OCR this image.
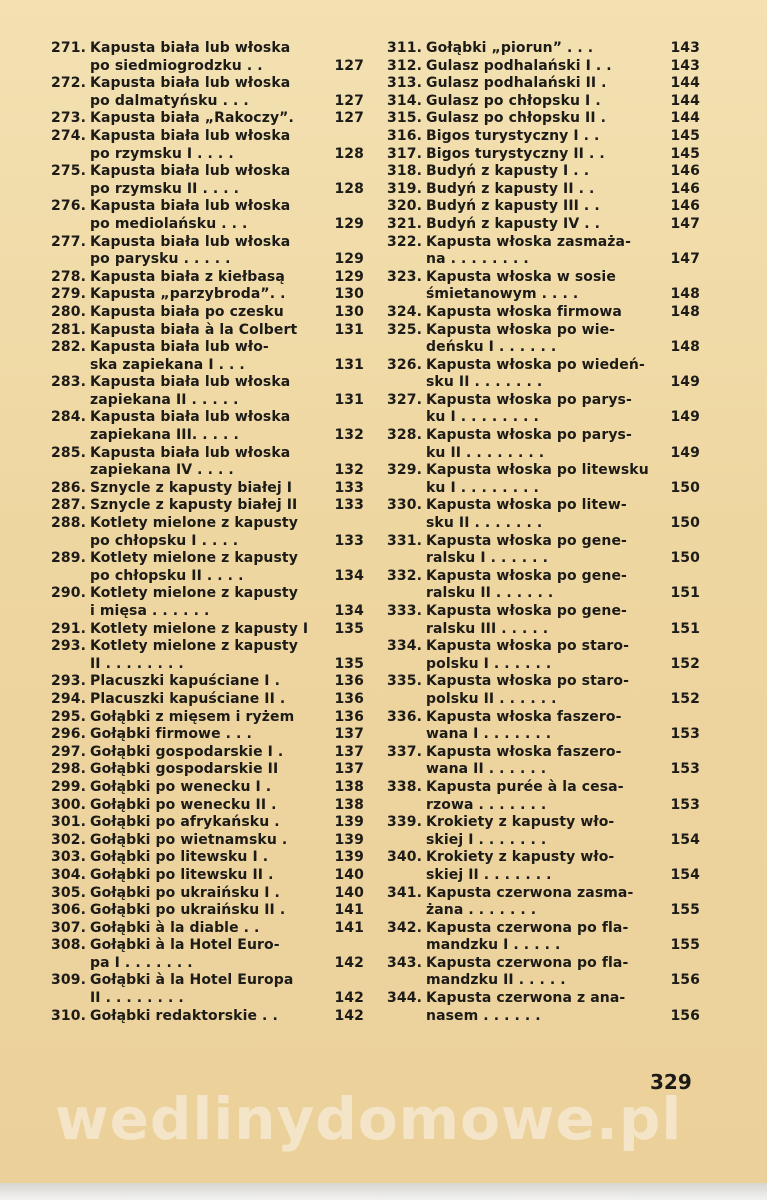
271. Kapusta biała lub włoska
po siedmiogrodzku . .	127
272. Kapusta biała lub włoska
po dalmatyńsku . . .	127
273. Kapusta biała „Rakoczy”.	127
274. Kapusta biała lub włoska
po rzymsku I . . . .	128
275. Kapusta biała lub włoska
po rzymsku II . . . .	128
276. Kapusta biała lub włoska
po mediolańsku . . .	129
277. Kapusta biała lub włoska
po parysku . . . . .	129
278. Kapusta biała z kiełbasą	129
279. Kapusta „parzybroda”. .	130
280. Kapusta biała po czesku	130
281. Kapusta biała à la Colbert	131
282. Kapusta biała lub wło-
ska zapiekana I . . .	131
283. Kapusta biała lub włoska
zapiekana II . . . . .	131
284. Kapusta biała lub włoska
zapiekana III. . . . .	132
285. Kapusta biała lub włoska
zapiekana IV . . . .	132
286. Sznycle z kapusty białej I	133
287. Sznycle z kapusty białej II	133
288. Kotlety mielone z kapusty
po chłopsku I . . . .	133
289. Kotlety mielone z kapusty
po chłopsku II . . . .	134
290. Kotlety mielone z kapusty
i mięsa . . . . . .	134
291. Kotlety mielone z kapusty I	135
293. Kotlety mielone z kapusty
II . . . . . . . .	135
293. Placuszki kapuściane I .	136
294. Placuszki kapuściane II .	136
295. Gołąbki z mięsem i ryżem	136
296. Gołąbki firmowe . . .	137
297. Gołąbki gospodarskie I .	137
298. Gołąbki gospodarskie II	137
299. Gołąbki po wenecku I .	138
300. Gołąbki po wenecku II .	138
301. Gołąbki po afrykańsku .	139
302. Gołąbki po wietnamsku .	139
303. Gołąbki po litewsku I .	139
304. Gołąbki po litewsku II .	140
305. Gołąbki po ukraińsku I .	140
306. Gołąbki po ukraińsku II .	141
307. Gołąbki à la diable . .	141
308. Gołąbki à la Hotel Euro-
pa I . . . . . . .	142
309. Gołąbki à la Hotel Europa
II . . . . . . . .	142
310. Gołąbki redaktorskie . .	142
311. Gołąbki „piorun” . . .	143
312. Gulasz podhalański I . .	143
313. Gulasz podhalański II .	144
314. Gulasz po chłopsku I .	144
315. Gulasz po chłopsku II .	144
316. Bigos turystyczny I . .	145
317. Bigos turystyczny II . .	145
318. Budyń z kapusty I . .	146
319. Budyń z kapusty II . .	146
320. Budyń z kapusty III . .	146
321. Budyń z kapusty IV . .	147
322. Kapusta włoska zasmaża-
na . . . . . . . .	147
323. Kapusta włoska w sosie
śmietanowym . . . .	148
324. Kapusta włoska firmowa	148
325. Kapusta włoska po wie-
deńsku I . . . . . .	148
326. Kapusta włoska po wiedeń-
sku II . . . . . . .	149
327. Kapusta włoska po parys-
ku I . . . . . . . .	149
328. Kapusta włoska po parys-
ku II . . . . . . . .	149
329. Kapusta włoska po litewsku
ku I . . . . . . . .	150
330. Kapusta włoska po litew-
sku II . . . . . . .	150
331. Kapusta włoska po gene-
ralsku I . . . . . .	150
332. Kapusta włoska po gene-
ralsku II . . . . . .	151
333. Kapusta włoska po gene-
ralsku III . . . . .	151
334. Kapusta włoska po staro-
polsku I . . . . . .	152
335. Kapusta włoska po staro-
polsku II . . . . . .	152
336. Kapusta włoska faszero-
wana I . . . . . . .	153
337. Kapusta włoska faszero-
wana II . . . . . .	153
338. Kapusta purée à la cesa-
rzowa . . . . . . .	153
339. Krokiety z kapusty wło-
skiej I . . . . . . .	154
340. Krokiety z kapusty wło-
skiej II . . . . . . .	154
341. Kapusta czerwona zasma-
żana . . . . . . .	155
342. Kapusta czerwona po fla-
mandzku I . . . . .	155
343. Kapusta czerwona po fla-
mandzku II . . . . .	156
344. Kapusta czerwona z ana-
nasem . . . . . .	156
329
wedlinydomowe.pl
